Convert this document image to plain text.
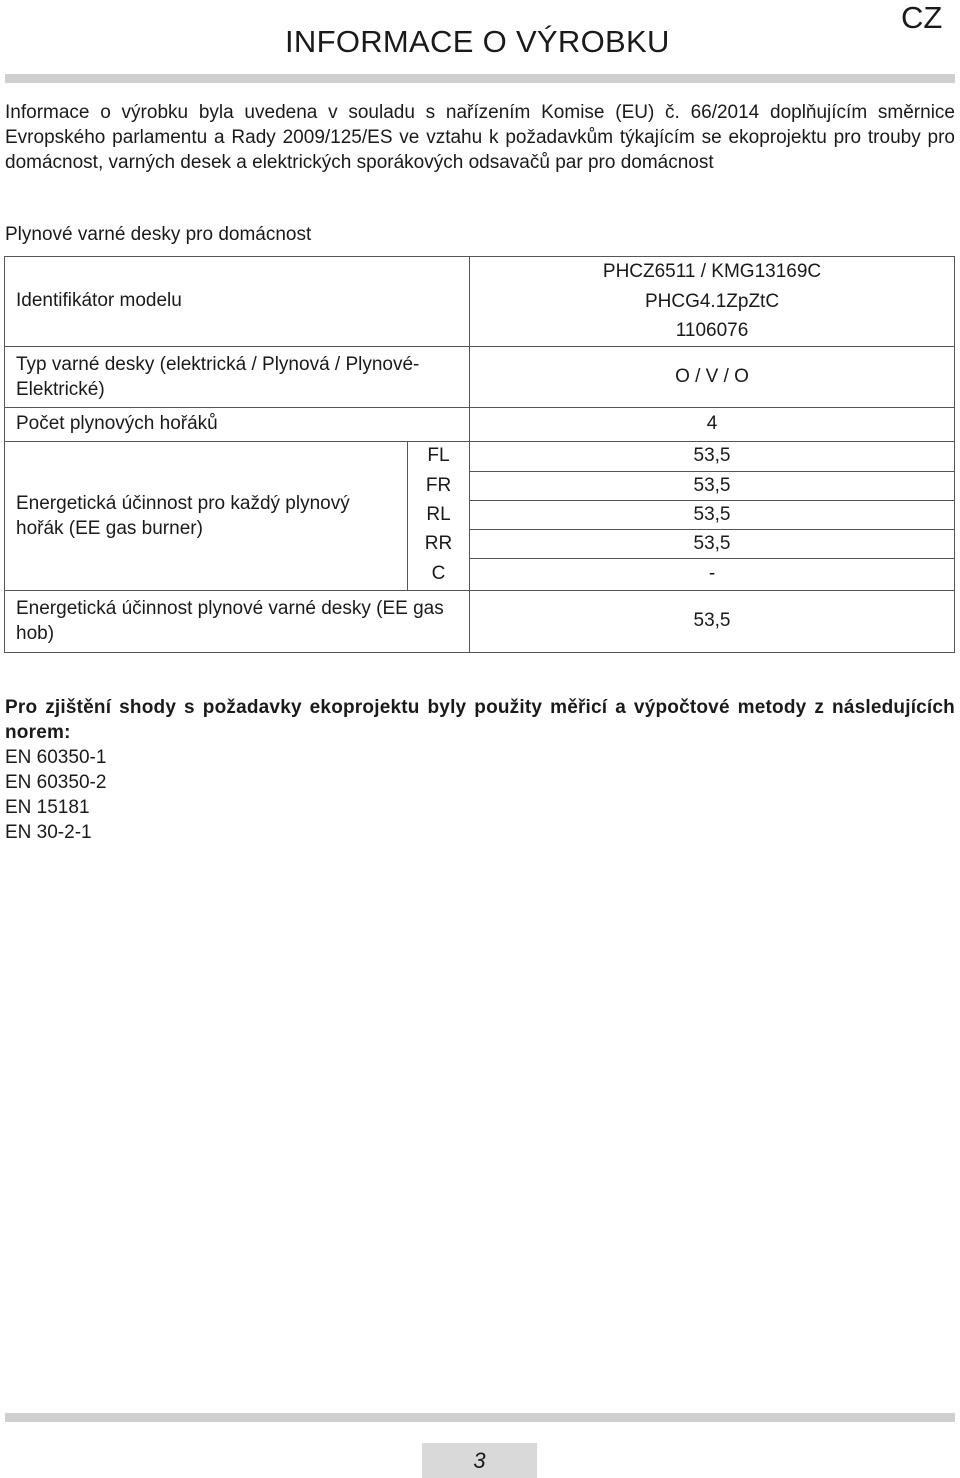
INFORMACE O VÝROBKU
CZ
Informace o výrobku byla uvedena v souladu s nařízením Komise (EU) č. 66/2014 doplňujícím směrnice Evropského parlamentu a Rady 2009/125/ES ve vztahu k požadavkům týkajícím se ekoprojektu pro trouby pro domácnost, varných desek a elektrických sporákových odsavačů par pro domácnost
Plynové varné desky pro domácnost
Identifikátor modelu		PHCZ6511 / KMG13169C
PHCG4.1ZpZtC
1106076

Typ varné desky (elektrická / Plynová / Plynové-Elektrické)		O / V / O
Počet plynových hořáků		4
Energetická účinnost pro každý plynový hořák (EE gas burner)	FL	53,5
	FR	53,5
	RL	53,5
	RR	53,5
	C	-
Energetická účinnost plynové varné desky (EE gas hob)		53,5
Pro zjištění shody s požadavky ekoprojektu byly použity měřicí a výpočtové metody z následujících norem:
EN 60350-1
EN 60350-2
EN 15181
EN 30-2-1
3
